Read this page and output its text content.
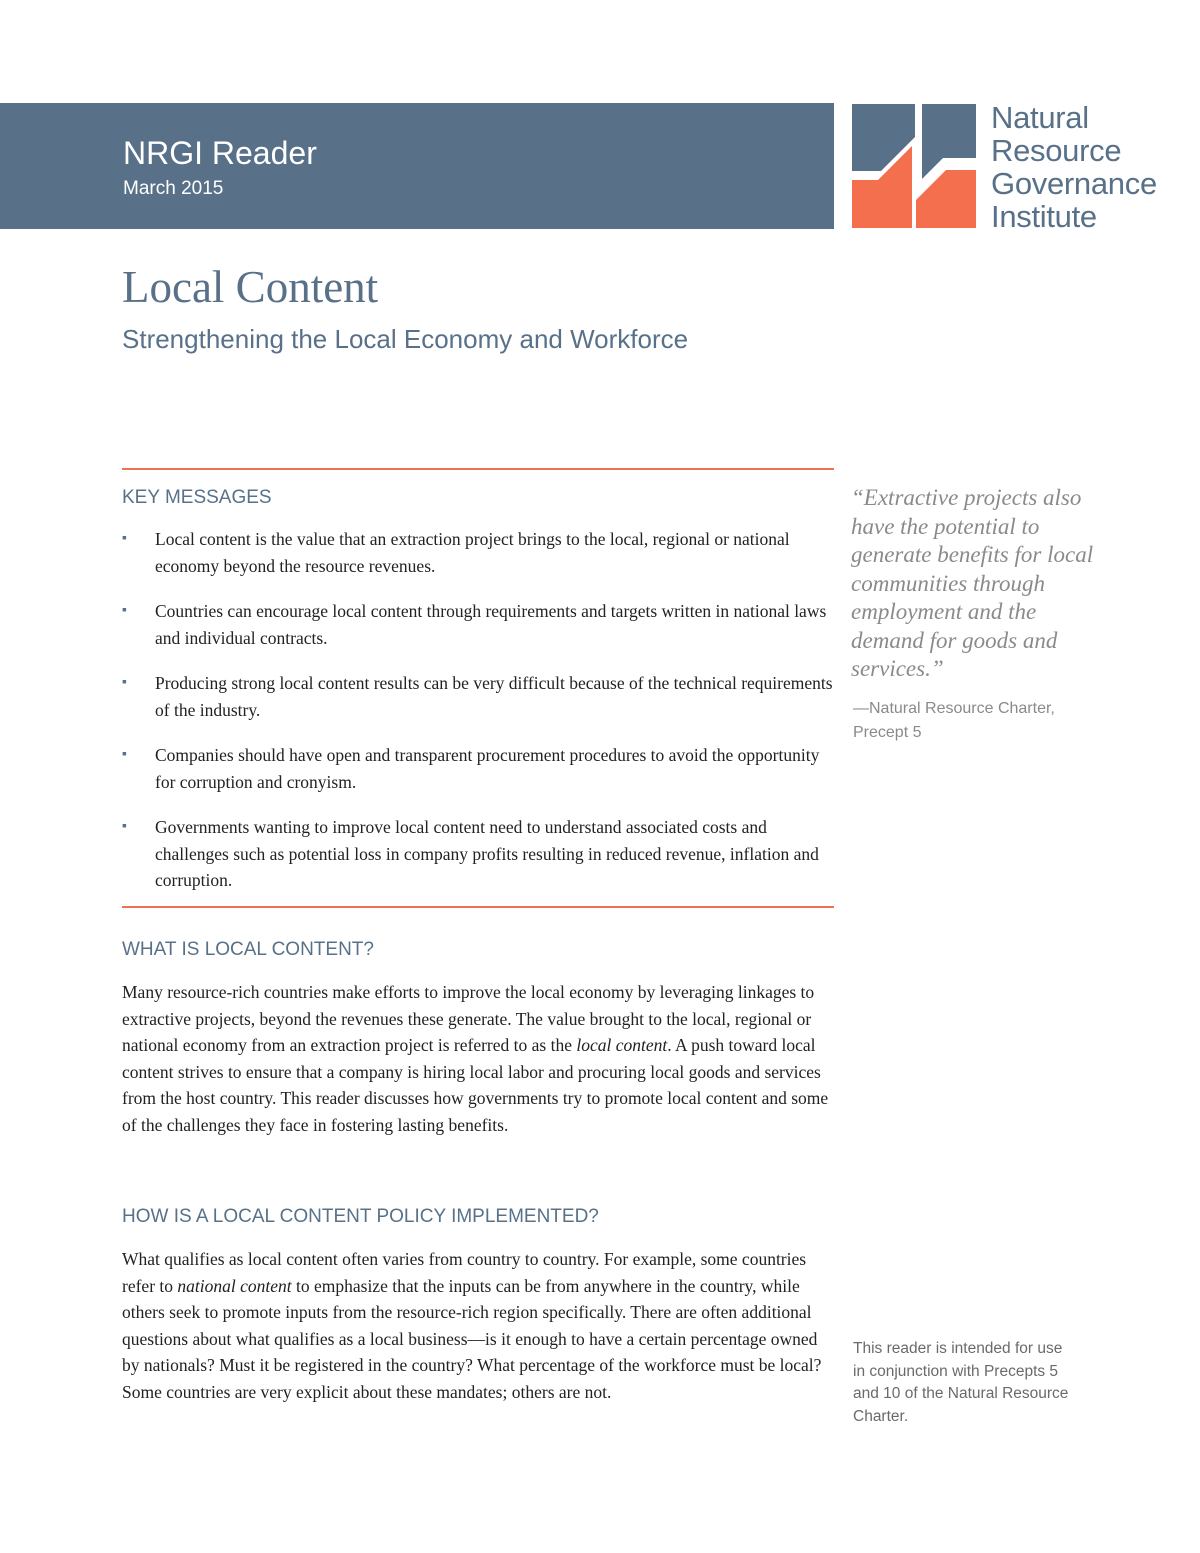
NRGI Reader
March 2015
Natural
Resource
Governance
Institute
Local Content
Strengthening the Local Economy and Workforce
KEY MESSAGES
▪	Local content is the value that an extraction project brings to the local, regional or national economy beyond the resource revenues.
▪	Countries can encourage local content through requirements and targets written in national laws and individual contracts.
▪	Producing strong local content results can be very difficult because of the technical requirements of the industry.
▪	Companies should have open and transparent procurement procedures to avoid the opportunity for corruption and cronyism.
▪	Governments wanting to improve local content need to understand associated costs and challenges such as potential loss in company profits resulting in reduced revenue, inflation and corruption.
WHAT IS LOCAL CONTENT?

Many resource-rich countries make efforts to improve the local economy by leveraging linkages to extractive projects, beyond the revenues these generate. The value brought to the local, regional or national economy from an extraction project is referred to as the local content. A push toward local content strives to ensure that a company is hiring local labor and procuring local goods and services from the host country. This reader discusses how governments try to promote local content and some of the challenges they face in fostering lasting benefits.

HOW IS A LOCAL CONTENT POLICY IMPLEMENTED?

What qualifies as local content often varies from country to country. For example, some countries refer to national content to emphasize that the inputs can be from anywhere in the country, while others seek to promote inputs from the resource-rich region specifically. There are often additional questions about what qualifies as a local business—is it enough to have a certain percentage owned by nationals? Must it be registered in the country? What percentage of the workforce must be local? Some countries are very explicit about these mandates; others are not.

“Extractive projects also have the potential to generate benefits for local communities through employment and the demand for goods and services.”
—Natural Resource Charter, Precept 5
This reader is intended for use in conjunction with Precepts 5 and 10 of the Natural Resource Charter.
